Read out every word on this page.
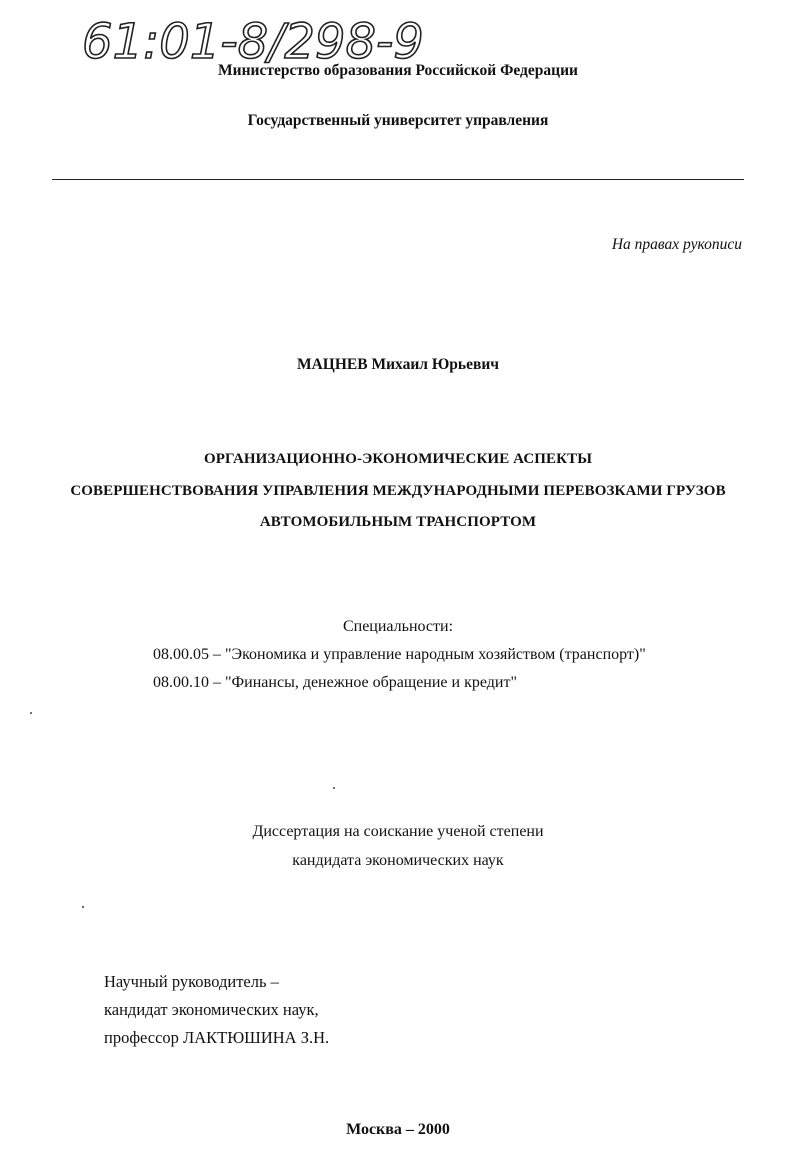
61:01-8/298-9
Министерство образования Российской Федерации
Государственный университет управления
На правах рукописи
МАЦНЕВ Михаил Юрьевич
ОРГАНИЗАЦИОННО-ЭКОНОМИЧЕСКИЕ АСПЕКТЫ
СОВЕРШЕНСТВОВАНИЯ УПРАВЛЕНИЯ МЕЖДУНАРОДНЫМИ ПЕРЕВОЗКАМИ ГРУЗОВ
АВТОМОБИЛЬНЫМ ТРАНСПОРТОМ
Специальности:
08.00.05 – "Экономика и управление народным хозяйством (транспорт)"
08.00.10 – "Финансы, денежное обращение и кредит"
Диссертация на соискание ученой степени
кандидата экономических наук
Научный руководитель –
кандидат экономических наук,
профессор ЛАКТЮШИНА З.Н.
Москва – 2000
